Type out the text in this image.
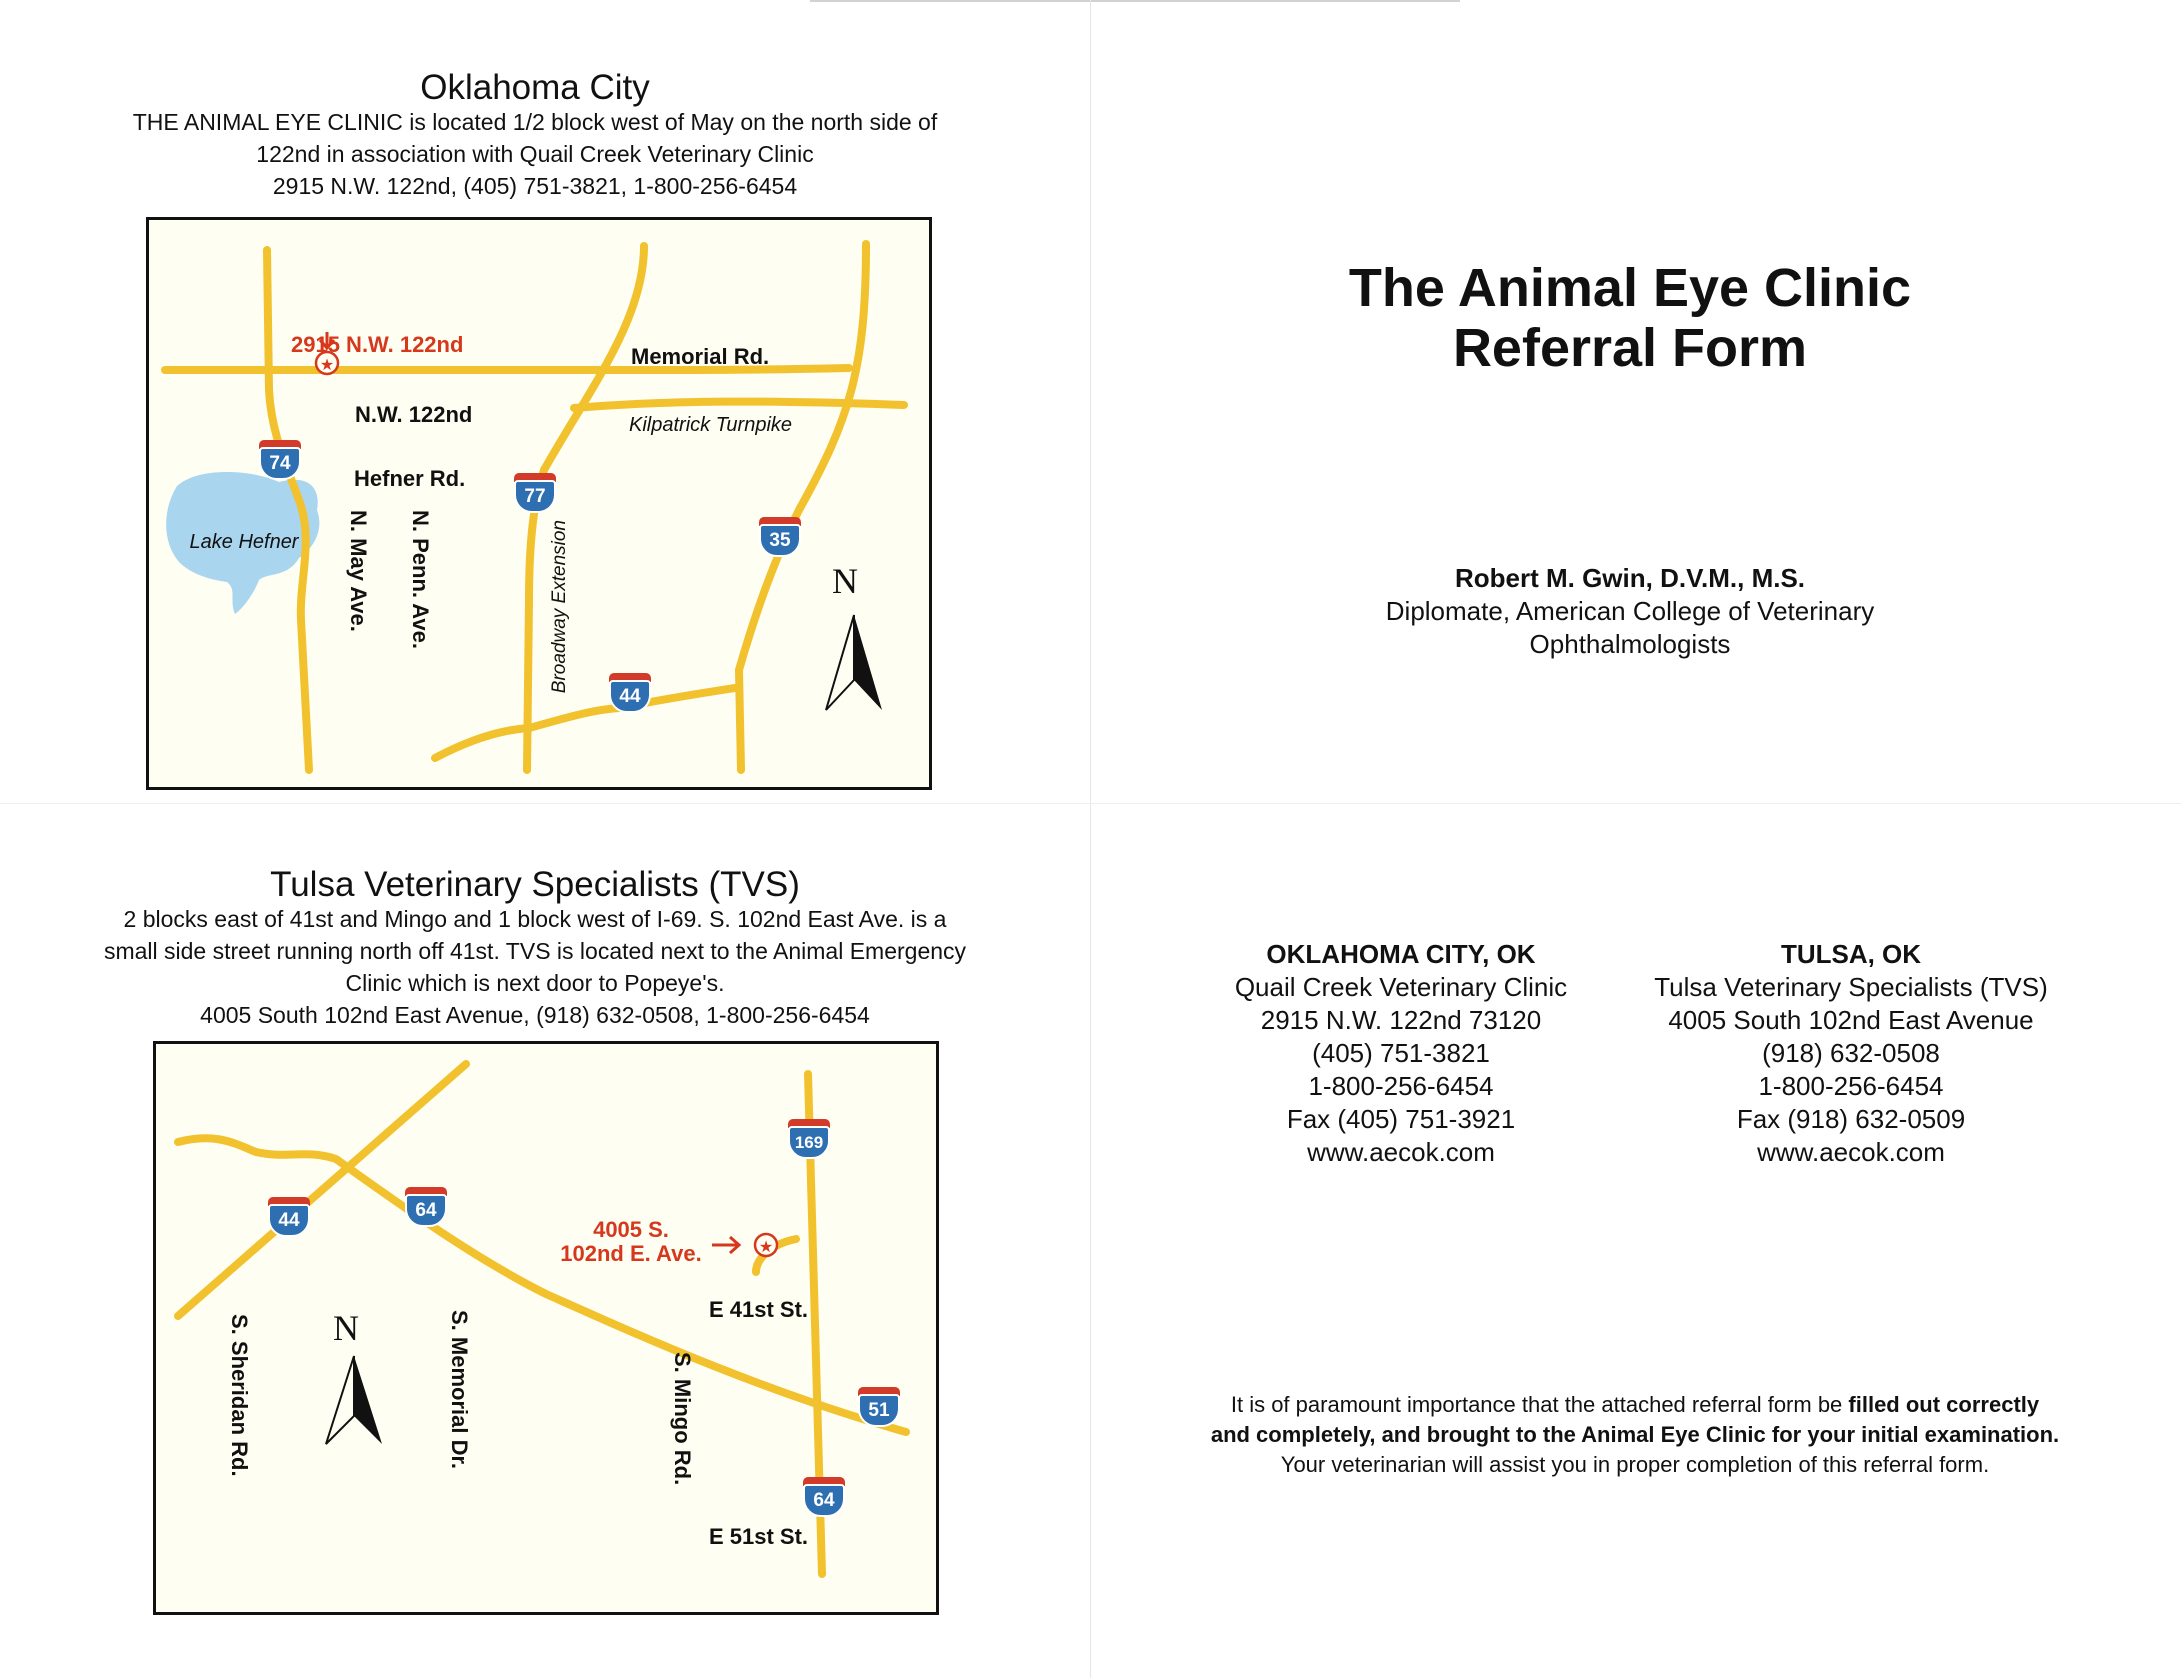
Oklahoma City
THE ANIMAL EYE CLINIC is located 1/2 block west of May on the north side of
122nd in association with Quail Creek Veterinary Clinic
2915 N.W. 122nd, (405) 751-3821, 1-800-256-6454
★
2915 N.W. 122nd	Memorial Rd.
N.W. 122nd	Kilpatrick Turnpike
Hefner Rd.
Lake Hefner N. May Ave. N. Penn. Ave.	Broadway Extension	N
74
77
35
44
Tulsa Veterinary Specialists (TVS)
2 blocks east of 41st and Mingo and 1 block west of I-69. S. 102nd East Ave. is a
small side street running north off 41st. TVS is located next to the Animal Emergency
Clinic which is next door to Popeye's.
4005 South 102nd East Avenue, (918) 632-0508, 1-800-256-6454
★
4005 S.
102nd E. Ave.
E 41st St.
E 51st St.
S. Sheridan Rd.	S. Memorial Dr.	S. Mingo Rd.
N
44	64
169
51
64
The Animal Eye Clinic
Referral Form
Robert M. Gwin, D.V.M., M.S.
Diplomate, American College of Veterinary
Ophthalmologists
OKLAHOMA CITY, OK
Quail Creek Veterinary Clinic
2915 N.W. 122nd 73120
(405) 751-3821
1-800-256-6454
Fax (405) 751-3921
www.aecok.com
TULSA, OK
Tulsa Veterinary Specialists (TVS)
4005 South 102nd East Avenue
(918) 632-0508
1-800-256-6454
Fax (918) 632-0509
www.aecok.com
It is of paramount importance that the attached referral form be filled out correctly and completely, and brought to the Animal Eye Clinic for your initial examination. Your veterinarian will assist you in proper completion of this referral form.
